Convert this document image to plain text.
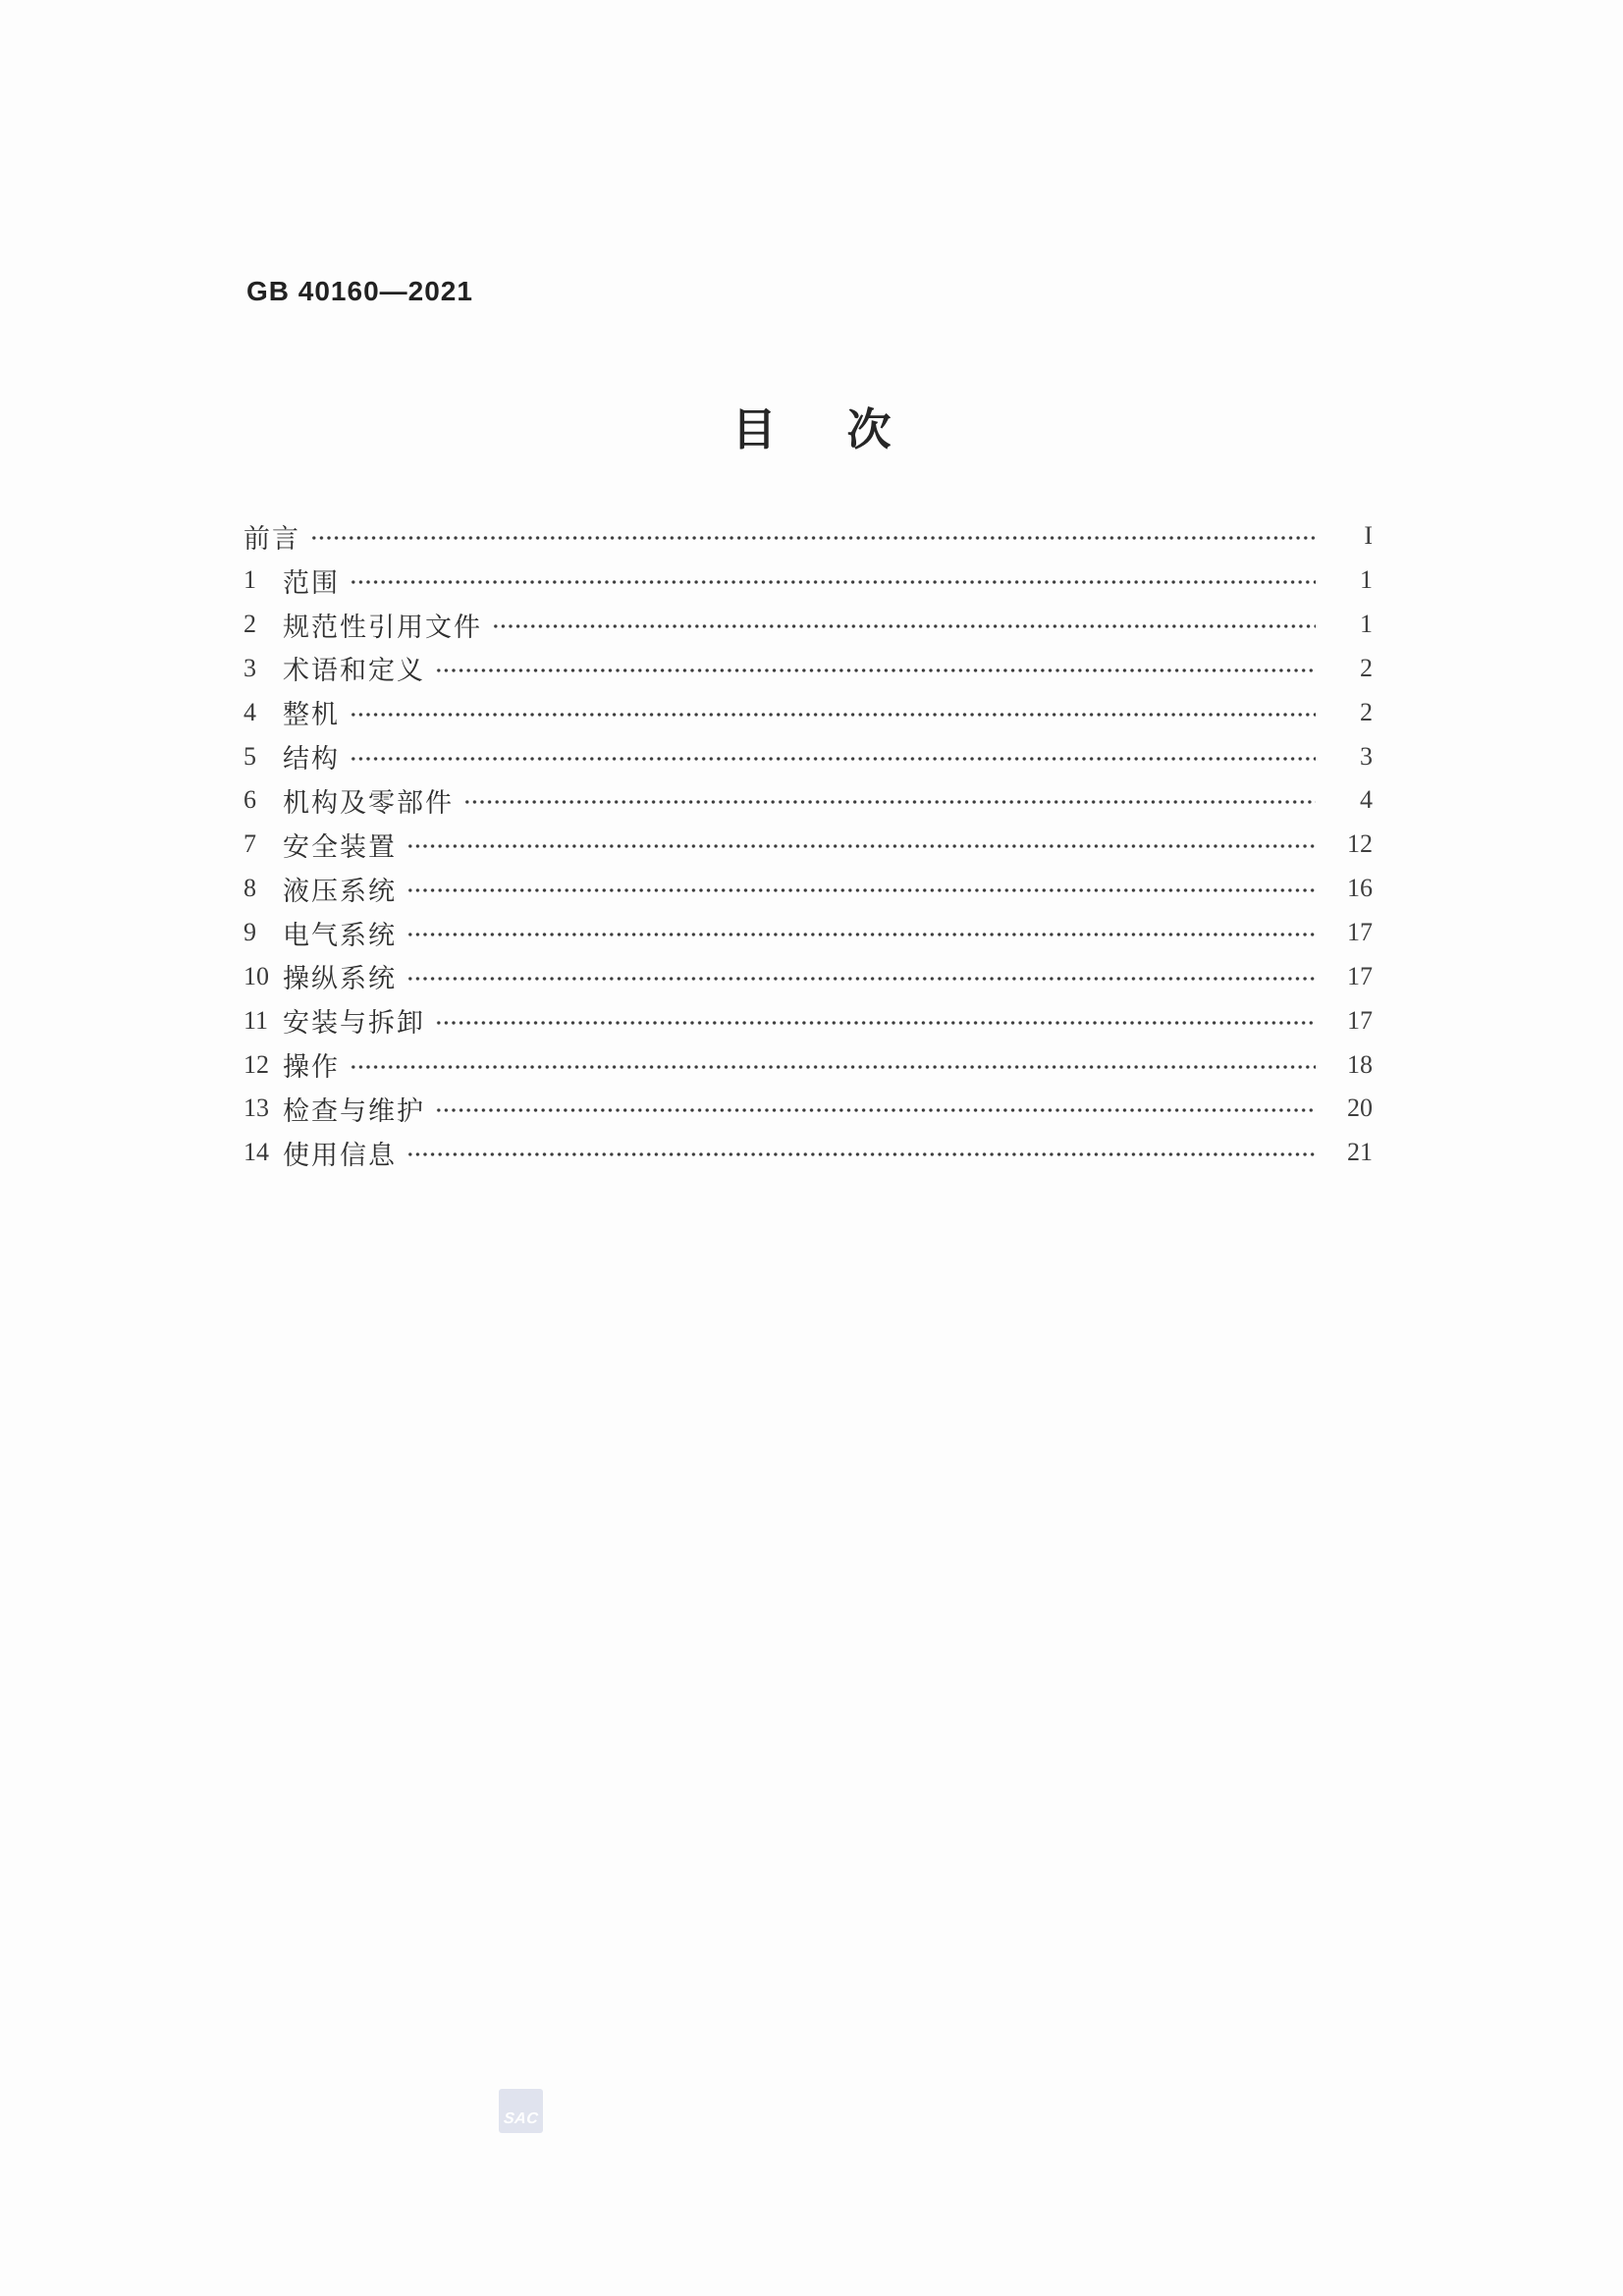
GB 40160—2021
目次
前言	I
1	范围	1
2	规范性引用文件	1
3	术语和定义	2
4	整机	2
5	结构	3
6	机构及零部件	4
7	安全装置	12
8	液压系统	16
9	电气系统	17
10 操纵系统	17
11 安装与拆卸	17
12 操作	18
13 检查与维护	20
14 使用信息	21
SAC
